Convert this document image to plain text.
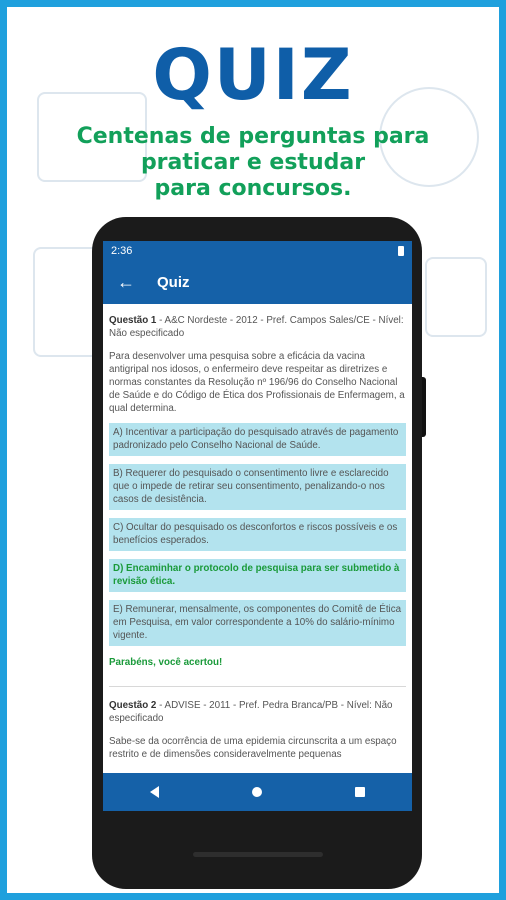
QUIZ
Centenas de perguntas para
praticar e estudar
para concursos.
2:36
←	Quiz
Questão 1 - A&C Nordeste - 2012 - Pref. Campos Sales/CE - Nível: Não especificado
Para desenvolver uma pesquisa sobre a eficácia da vacina antigripal nos idosos, o enfermeiro deve respeitar as diretrizes e normas constantes da Resolução nº 196/96 do Conselho Nacional de Saúde e do Código de Ética dos Profissionais de Enfermagem, a qual determina.
A) Incentivar a participação do pesquisado através de pagamento padronizado pelo Conselho Nacional de Saúde.
B) Requerer do pesquisado o consentimento livre e esclarecido que o impede de retirar seu consentimento, penalizando-o nos casos de desistência.
C) Ocultar do pesquisado os desconfortos e riscos possíveis e os benefícios esperados.
D) Encaminhar o protocolo de pesquisa para ser submetido à revisão ética.
E) Remunerar, mensalmente, os componentes do Comitê de Ética em Pesquisa, em valor correspondente a 10% do salário-mínimo vigente.
Parabéns, você acertou!
Questão 2 - ADVISE - 2011 - Pref. Pedra Branca/PB - Nível: Não especificado
Sabe-se da ocorrência de uma epidemia circunscrita a um espaço restrito e de dimensões consideravelmente pequenas
